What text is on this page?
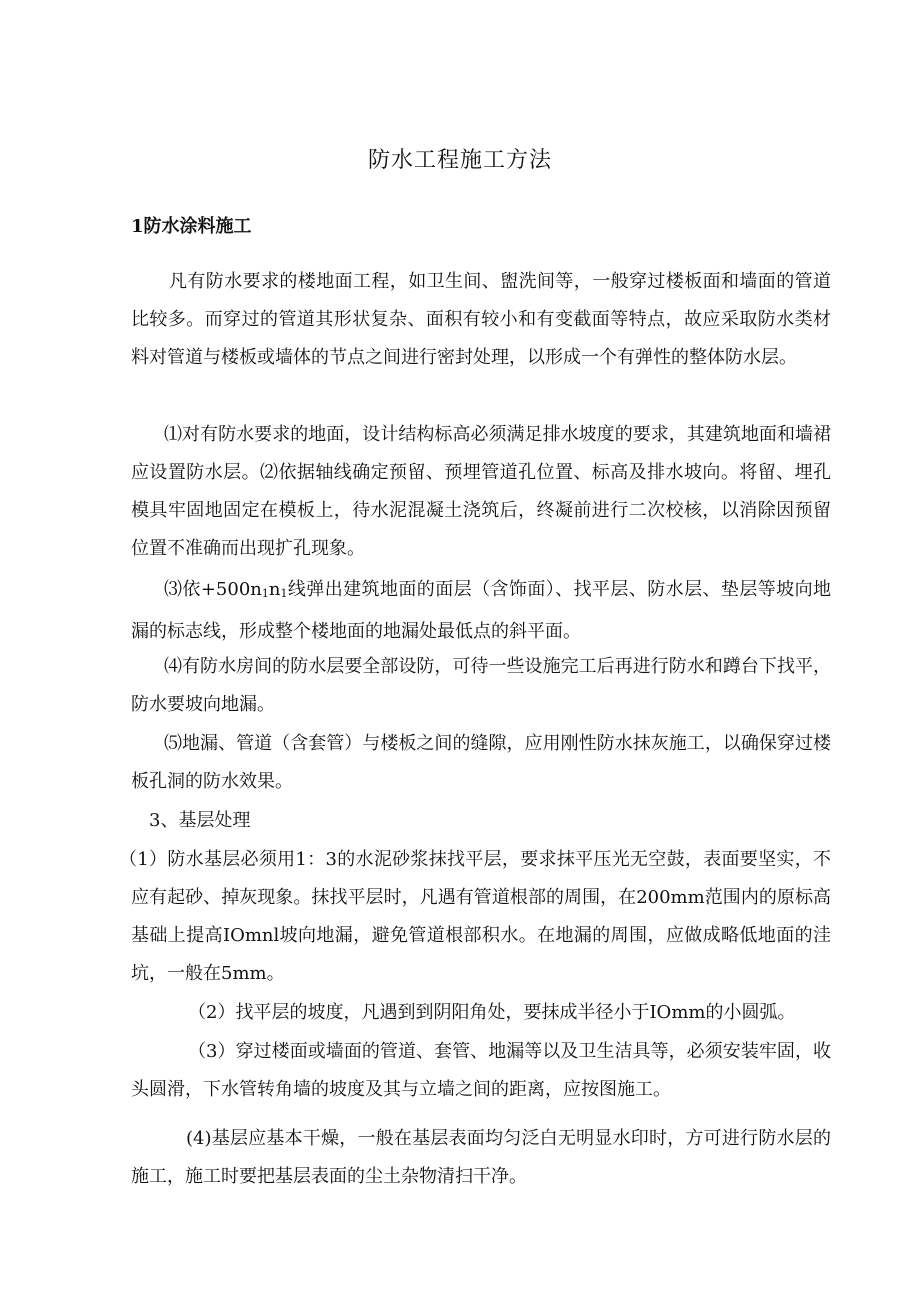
防水工程施工方法
1防水涂料施工

凡有防水要求的楼地面工程，如卫生间、盥洗间等，一般穿过楼板面和墙面的管道比较多。而穿过的管道其形状复杂、面积有较小和有变截面等特点，故应采取防水类材料对管道与楼板或墙体的节点之间进行密封处理，以形成一个有弹性的整体防水层。

⑴对有防水要求的地面，设计结构标高必须满足排水坡度的要求，其建筑地面和墙裙应设置防水层。⑵依据轴线确定预留、预埋管道孔位置、标高及排水坡向。将留、埋孔模具牢固地固定在模板上，待水泥混凝土浇筑后，终凝前进行二次校核，以消除因预留位置不准确而出现扩孔现象。

⑶依$+500n_1n_1$线弹出建筑地面的面层（含饰面）、找平层、防水层、垫层等坡向地漏的标志线，形成整个楼地面的地漏处最低点的斜平面。

⑷有防水房间的防水层要全部设防，可待一些设施完工后再进行防水和蹲台下找平，防水要坡向地漏。

⑸地漏、管道（含套管）与楼板之间的缝隙，应用刚性防水抹灰施工，以确保穿过楼板孔洞的防水效果。

3、基层处理

（1）防水基层必须用1：3的水泥砂浆抹找平层，要求抹平压光无空鼓，表面要坚实，不应有起砂、掉灰现象。抹找平层时，凡遇有管道根部的周围，在200mm范围内的原标高基础上提高IOmnl坡向地漏，避免管道根部积水。在地漏的周围，应做成略低地面的洼坑，一般在5mm。

（2）找平层的坡度，凡遇到到阴阳角处，要抹成半径小于IOmm的小圆弧。

（3）穿过楼面或墙面的管道、套管、地漏等以及卫生洁具等，必须安装牢固，收头圆滑，下水管转角墙的坡度及其与立墙之间的距离，应按图施工。

(4)基层应基本干燥，一般在基层表面均匀泛白无明显水印时，方可进行防水层的施工，施工时要把基层表面的尘土杂物清扫干净。
